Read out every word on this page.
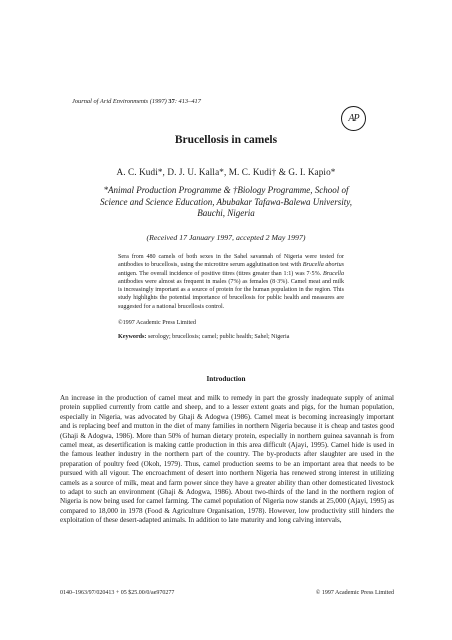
Journal of Arid Environments (1997) 37: 413–417
AP
Brucellosis in camels
A. C. Kudi*, D. J. U. Kalla*, M. C. Kudi† & G. I. Kapio*
*Animal Production Programme & †Biology Programme, School of Science and Science Education, Abubakar Tafawa-Balewa University, Bauchi, Nigeria
(Received 17 January 1997, accepted 2 May 1997)

Sera from 480 camels of both sexes in the Sahel savannah of Nigeria were tested for antibodies to brucellosis, using the microtitre serum agglutination test with Brucella abortus antigen. The overall incidence of positive titres (titres greater than 1:1) was 7·5%. Brucella antibodies were almost as frequent in males (7%) as females (8·3%). Camel meat and milk is increasingly important as a source of protein for the human population in the region. This study highlights the potential importance of brucellosis for public health and measures are suggested for a national brucellosis control.

©1997 Academic Press Limited
Keywords: serology; brucellosis; camel; public health; Sahel; Nigeria
Introduction

An increase in the production of camel meat and milk to remedy in part the grossly inadequate supply of animal protein supplied currently from cattle and sheep, and to a lesser extent goats and pigs, for the human population, especially in Nigeria, was advocated by Ghaji & Adogwa (1986). Camel meat is becoming increasingly important and is replacing beef and mutton in the diet of many families in northern Nigeria because it is cheap and tastes good (Ghaji & Adogwa, 1986). More than 50% of human dietary protein, especially in northern guinea savannah is from camel meat, as desertification is making cattle production in this area difficult (Ajayi, 1995). Camel hide is used in the famous leather industry in the northern part of the country. The by-products after slaughter are used in the preparation of poultry feed (Okoh, 1979). Thus, camel production seems to be an important area that needs to be pursued with all vigour. The encroachment of desert into northern Nigeria has renewed strong interest in utilizing camels as a source of milk, meat and farm power since they have a greater ability than other domesticated livestock to adapt to such an environment (Ghaji & Adogwa, 1986). About two-thirds of the land in the northern region of Nigeria is now being used for camel farming. The camel population of Nigeria now stands at 25,000 (Ajayi, 1995) as compared to 18,000 in 1978 (Food & Agriculture Organisation, 1978). However, low productivity still hinders the exploitation of these desert-adapted animals. In addition to late maturity and long calving intervals,

0140–1963/97/020413 + 05 $25.00/0/ae970277	© 1997 Academic Press Limited
